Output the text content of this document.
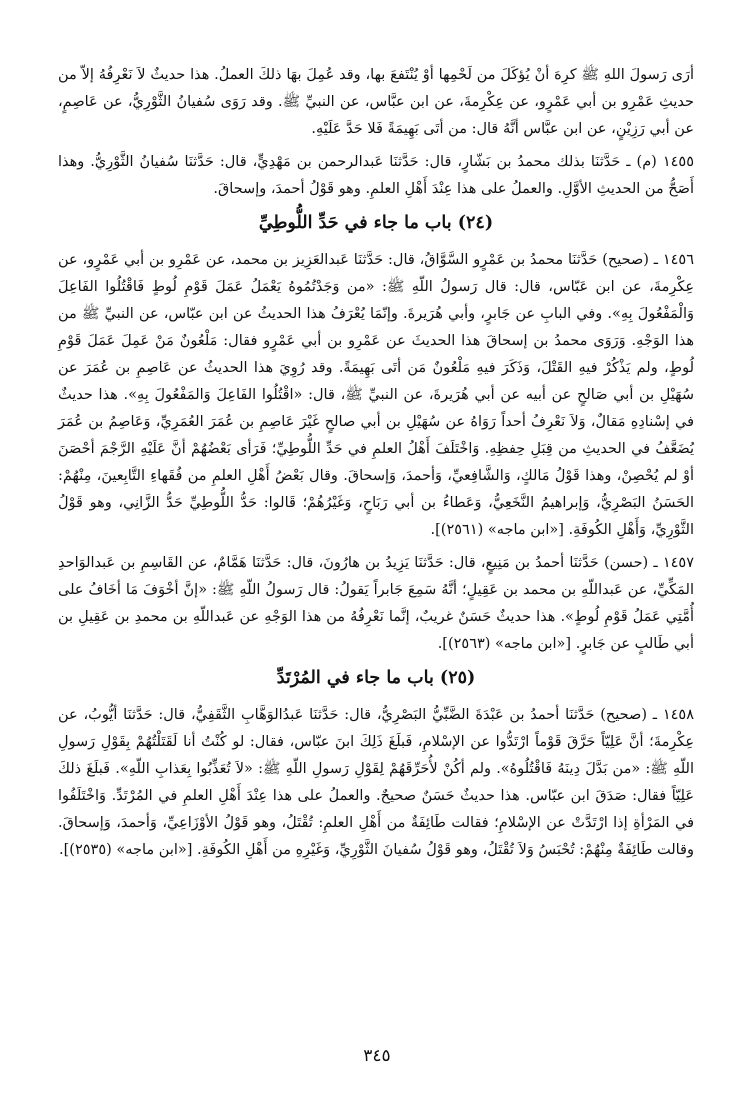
أرَى رَسولَ اللهِ ﷺ كرِهَ أنْ يُؤكَلَ من لَحْمِها أوْ يُنْتَفعَ بها، وقد عُمِلَ بهَا ذلكَ العملُ. هذا حديثٌ لاَ نَعْرِفُهُ إلاّ من حديثِ عَمْرِو بن أبي عَمْرٍو، عن عِكْرِمةَ، عن ابن عبَّاس، عن النبيِّ ﷺ. وقد رَوَى سُفيانُ الثَّوْرِيُّ، عن عَاصِمٍ، عن أبي رَزِيْنٍ، عن ابن عبَّاس أنَّهُ قال: من أتَى بَهِيمَةً فَلا حَدَّ عَلَيْهِ.

١٤٥٥ (م) ـ حَدَّثنَا بذلك محمدُ بن بَشّارٍ، قال: حَدَّثنَا عَبدالرحمن بن مَهْدِيٍّ، قال: حَدَّثنَا سُفيانُ الثَّوْرِيُّ. وهذا أَصَحُّ من الحديثِ الأوَّلِ. والعملُ على هذا عِنْدَ أَهْلِ العلمِ. وهو قَوْلُ أحمدَ، وإسحاقَ.

(٢٤) باب ما جاء في حَدِّ اللُّوطِيِّ

١٤٥٦ ـ (صحيح) حَدَّثنَا محمدُ بن عَمْرٍو السَّوَّاقُ، قال: حَدَّثنَا عَبدالعَزِيز بن محمد، عن عَمْرِو بن أبي عَمْرٍو، عن عِكْرِمةَ، عن ابن عَبّاس، قال: قال رَسولُ اللّهِ ﷺ: «من وَجَدْتُمُوهُ يَعْمَلُ عَمَلَ قَوْمِ لُوطٍ فَاقْتُلُوا الفَاعِلَ وَالْمَفْعُولَ بِهِ». وفي البابِ عن جَابرٍ، وأبي هُرَيرةَ. وإنّمَا يُعْرَفُ هذا الحديثُ عن ابن عبّاس، عن النبيِّ ﷺ من هذا الوَجْهِ. وَرَوَى محمدُ بن إسحاقَ هذا الحديثَ عن عَمْرِو بن أبي عَمْرٍو فقال: مَلْعُونٌ مَنْ عَمِلَ عَمَلَ قَوْمِ لُوطٍ، ولم يَذْكُرْ فيهِ القَتْلَ، وَذَكَرَ فيهِ مَلْعُونٌ مَن أتَى بَهِيمَةً. وقد رُوِيَ هذا الحديثُ عن عَاصِمِ بن عُمَرَ عن سُهَيْلِ بن أبي صَالحٍ عن أبيه عن أبي هُرَيرةَ، عن النبيِّ ﷺ، قال: «اقْتُلُوا الفَاعِلَ وَالمَفْعُولَ بِهِ». هذا حديثٌ في إسْنادِهِ مَقالٌ، وَلاَ نَعْرِفُ أحداً رَوَاهُ عن سُهَيْلِ بن أبي صالحٍ غَيْرَ عَاصِمِ بن عُمَرَ العُمَرِيِّ، وَعَاصِمُ بن عُمَرَ يُضَعَّفُ في الحديثِ من قِبَلِ حِفظِهِ. وَاخْتَلَفَ أَهْلُ العلمِ في حَدِّ اللُّوطِيِّ؛ فَرَأى بَعْضُهُمْ أنَّ عَلَيْهِ الرَّجْمَ أحْصَنَ أوْ لم يُحْصِنْ، وهذا قَوْلُ مَالكٍ، وَالشَّافِعيِّ، وَأحمدَ، وَإسحاقَ. وقال بَعْضُ أَهْلِ العلمِ من فُقَهاءِ التَّابِعينَ، مِنْهُمْ: الحَسَنُ البَصْرِيُّ، وَإبراهيمُ النَّخَعِيُّ، وَعَطاءُ بن أبي رَبَاحٍ، وَغَيْرُهُمْ؛ قَالوا: حَدُّ اللُّوطِيِّ حَدُّ الزَّانِي، وهو قَوْلُ الثَّوْرِيِّ، وَأَهْلِ الكُوفَةِ. [«ابن ماجه» (٢٥٦١)].

١٤٥٧ ـ (حسن) حَدَّثنَا أحمدُ بن مَنِيعٍ، قال: حَدَّثنَا يَزِيدُ بن هارُونَ، قال: حَدَّثنَا هَمَّامٌ، عن القَاسِمِ بن عَبدالوَاحدِ المَكِّيِّ، عن عَبداللّهِ بن محمد بن عَقِيلٍ؛ أنَّهُ سَمِعَ جَابراً يَقولُ: قال رَسولُ اللّهِ ﷺ: «إنَّ أخْوَفَ مَا أخَافُ على أُمَّتِي عَمَلُ قَوْمِ لُوطٍ». هذا حديثٌ حَسَنٌ غريبٌ، إنَّما نَعْرِفُهُ من هذا الوَجْهِ عن عَبداللّهِ بن محمدِ بن عَقِيلِ بن أبي طَالبٍ عن جَابرٍ. [«ابن ماجه» (٢٥٦٣)].

(٢٥) باب ما جاء في المُرْتَدِّ

١٤٥٨ ـ (صحيح) حَدَّثنَا أحمدُ بن عَبْدَةَ الضَّبِّيُّ البَصْرِيُّ، قال: حَدَّثنَا عَبدُالوَهَّابِ الثَّقَفِيُّ، قال: حَدَّثنَا أيُّوبُ، عن عِكْرِمةَ؛ أنَّ عَلِيّاً حَرَّقَ قَوْماً ارْتَدُّوا عن الإسْلامِ، فَبلَغَ ذَلِكَ ابنَ عبّاس، فقال: لو كُنْتُ أنا لَقَتَلْتُهُمْ بِقَوْلِ رَسولِ اللّهِ ﷺ: «من بَدَّلَ دِينَهُ فَاقْتُلُوهُ». ولم أكُنْ لأُحَرِّقَهُمْ لِقَوْلِ رَسولِ اللّهِ ﷺ: «لاَ تُعَذِّبُوا بِعَذابِ اللّهِ». فَبلَغَ ذلكَ عَلِيّاً فقال: صَدَقَ ابن عبّاس. هذا حديثٌ حَسَنٌ صحيحٌ. والعملُ على هذا عِنْدَ أَهْلِ العلمِ في المُرْتَدِّ. وَاخْتَلَفُوا في المَرْأةِ إذا ارْتَدَّتْ عن الإسْلامِ؛ فقالت طَائِفَةٌ من أَهْلِ العلمِ: تُقْتَلُ، وهو قَوْلُ الأوْزَاعِيِّ، وَأحمدَ، وَإسحاقَ. وقالت طَائِفَةٌ مِنْهُمْ: تُحْبَسُ وَلاَ تُقْتَلُ، وهو قَوْلُ سُفيانَ الثَّوْرِيِّ، وَغَيْرِهِ من أَهْلِ الكُوفَةِ. [«ابن ماجه» (٢٥٣٥)].

٣٤٥
